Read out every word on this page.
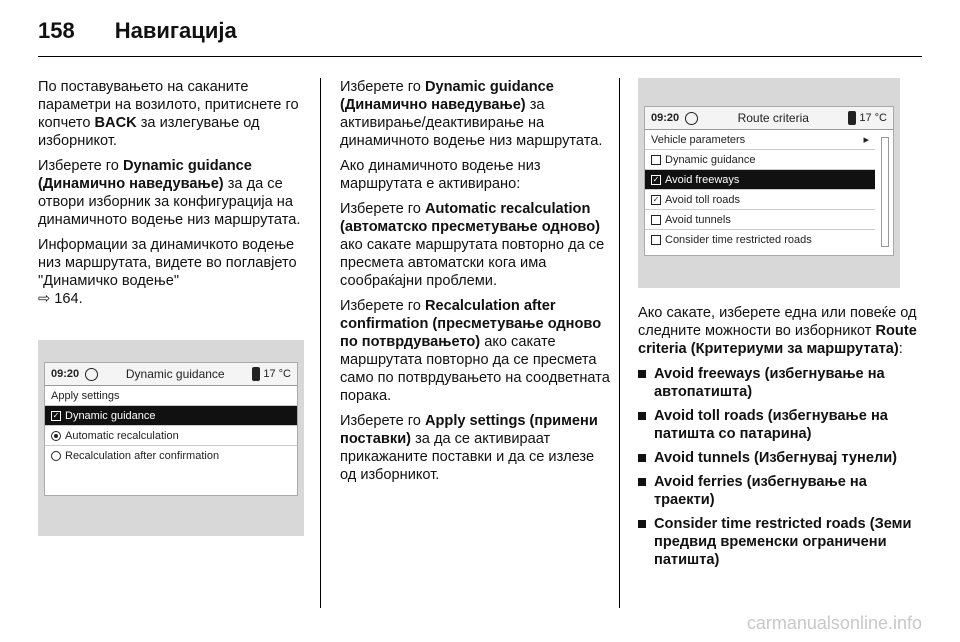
158 Навигација

По поставувањето на саканите параметри на возилото, притиснете го копчето BACK за излегување од изборникот.

Изберете го Dynamic guidance (Динамично наведување) за да се отвори изборник за конфигурација на динамичното водење низ маршрутата.

Информации за динамичкото водење низ маршрутата, видете во поглавјето "Динамичко водење"
⇨ 164.

09:20	Dynamic guidance	17 °C
Apply settings
✓ Dynamic guidance
Automatic recalculation
Recalculation after confirmation

Изберете го Dynamic guidance (Динамично наведување) за активирање/деактивирање на динамичното водење низ маршрутата.

Ако динамичното водење низ маршрутата е активирано:

Изберете го Automatic recalculation (автоматско пресметување одново) ако сакате маршрутата повторно да се пресмета автоматски кога има сообраќајни проблеми.

Изберете го Recalculation after confirmation (пресметување одново по потврдувањето) ако сакате маршрутата повторно да се пресмета само по потврдувањето на соодветната порака.

Изберете го Apply settings (примени поставки) за да се активираат прикажаните поставки и да се излезе од изборникот.

09:20	Route criteria	17 °C
Vehicle parameters	▸
Dynamic guidance
✓ Avoid freeways
✓ Avoid toll roads
Avoid tunnels
Consider time restricted roads

Ако сакате, изберете една или повеќе од следните можности во изборникот Route criteria (Критериуми за маршрутата):

Avoid freeways (избегнување на автопатишта)
Avoid toll roads (избегнување на патишта со патарина)
Avoid tunnels (Избегнувај тунели)
Avoid ferries (избегнување на траекти)
Consider time restricted roads (Земи предвид временски ограничени патишта)
carmanualsonline.info
